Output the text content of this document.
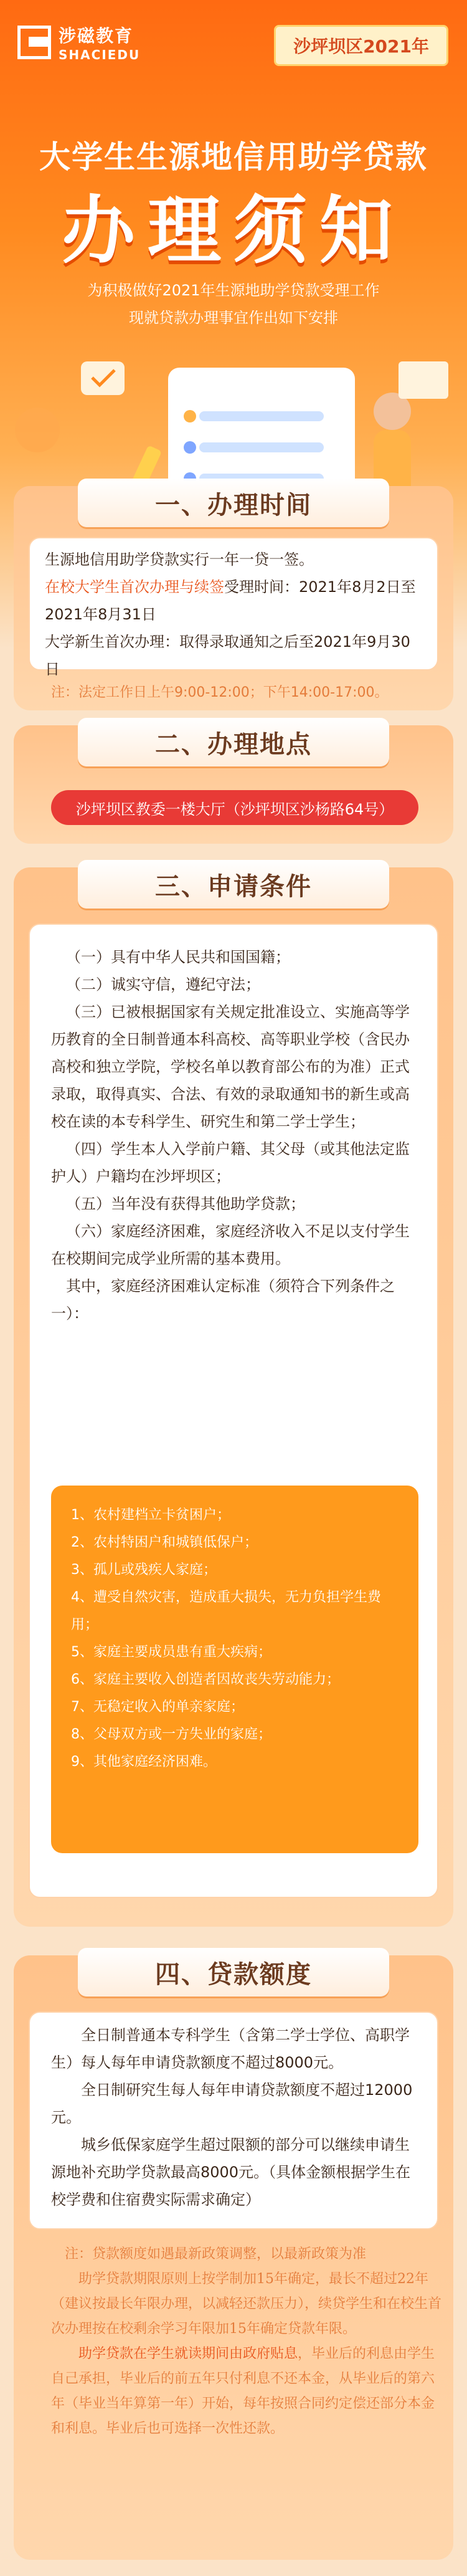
涉磁教育
SHACIEDU	沙坪坝区2021年
大学生生源地信用助学贷款
办理须知
为积极做好2021年生源地助学贷款受理工作
现就贷款办理事宜作出如下安排
一、办理时间
生源地信用助学贷款实行一年一贷一签。
在校大学生首次办理与续签受理时间：2021年8月2日至2021年8月31日
大学新生首次办理：取得录取通知之后至2021年9月30日
注：法定工作日上午9:00-12:00；下午14:00-17:00。
二、办理地点
沙坪坝区教委一楼大厅（沙坪坝区沙杨路64号）
三、申请条件

（一）具有中华人民共和国国籍；

（二）诚实守信，遵纪守法；

（三）已被根据国家有关规定批准设立、实施高等学历教育的全日制普通本科高校、高等职业学校（含民办高校和独立学院，学校名单以教育部公布的为准）正式录取，取得真实、合法、有效的录取通知书的新生或高校在读的本专科学生、研究生和第二学士学生；

（四）学生本人入学前户籍、其父母（或其他法定监护人）户籍均在沙坪坝区；

（五）当年没有获得其他助学贷款；

（六）家庭经济困难，家庭经济收入不足以支付学生在校期间完成学业所需的基本费用。

其中，家庭经济困难认定标准（须符合下列条件之一）：

1、农村建档立卡贫困户；
2、农村特困户和城镇低保户；
3、孤儿或残疾人家庭；
4、遭受自然灾害，造成重大损失，无力负担学生费用；
5、家庭主要成员患有重大疾病；
6、家庭主要收入创造者因故丧失劳动能力；
7、无稳定收入的单亲家庭；
8、父母双方或一方失业的家庭；
9、其他家庭经济困难。
四、贷款额度
全日制普通本专科学生（含第二学士学位、高职学生）每人每年申请贷款额度不超过8000元。
全日制研究生每人每年申请贷款额度不超过12000元。
城乡低保家庭学生超过限额的部分可以继续申请生源地补充助学贷款最高8000元。（具体金额根据学生在校学费和住宿费实际需求确定）

注：贷款额度如遇最新政策调整，以最新政策为准

助学贷款期限原则上按学制加15年确定，最长不超过22年（建议按最长年限办理，以减轻还款压力），续贷学生和在校生首次办理按在校剩余学习年限加15年确定贷款年限。

助学贷款在学生就读期间由政府贴息，毕业后的利息由学生自己承担，毕业后的前五年只付利息不还本金，从毕业后的第六年（毕业当年算第一年）开始，每年按照合同约定偿还部分本金和利息。毕业后也可选择一次性还款。
